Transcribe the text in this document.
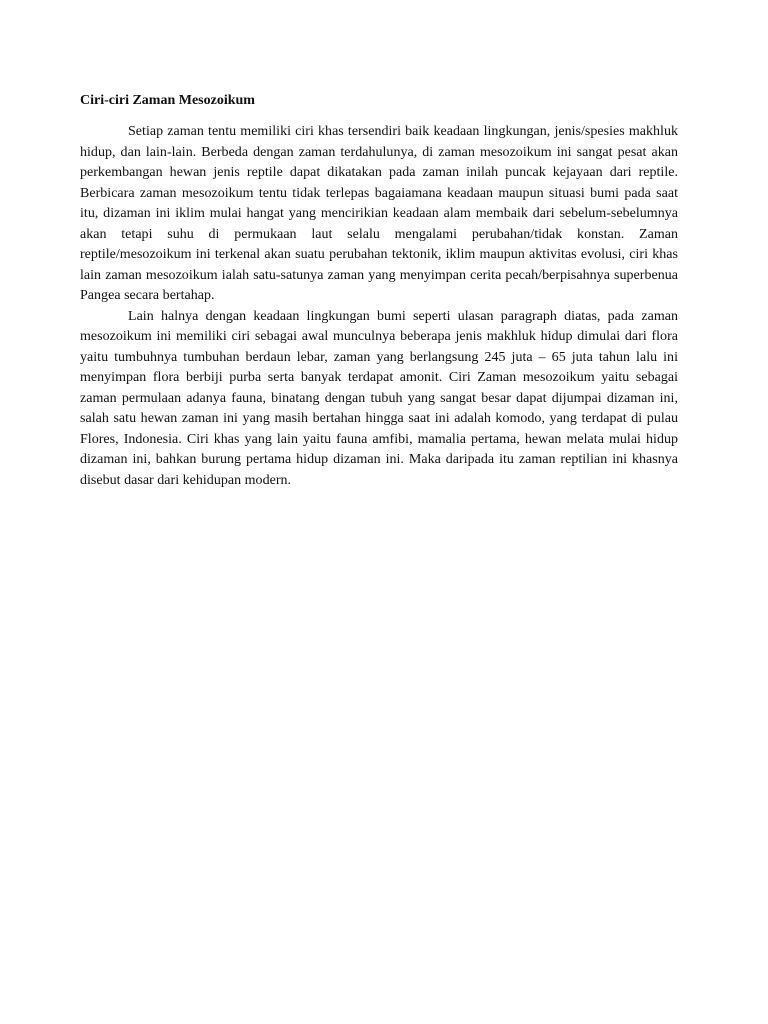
Ciri-ciri Zaman Mesozoikum

Setiap zaman tentu memiliki ciri khas tersendiri baik keadaan lingkungan, jenis/spesies makhluk hidup, dan lain-lain. Berbeda dengan zaman terdahulunya, di zaman mesozoikum ini sangat pesat akan perkembangan hewan jenis reptile dapat dikatakan pada zaman inilah puncak kejayaan dari reptile. Berbicara zaman mesozoikum tentu tidak terlepas bagaiamana keadaan maupun situasi bumi pada saat itu, dizaman ini iklim mulai hangat yang mencirikian keadaan alam membaik dari sebelum-sebelumnya akan tetapi suhu di permukaan laut selalu mengalami perubahan/tidak konstan. Zaman reptile/mesozoikum ini terkenal akan suatu perubahan tektonik, iklim maupun aktivitas evolusi, ciri khas lain zaman mesozoikum ialah satu-satunya zaman yang menyimpan cerita pecah/berpisahnya superbenua Pangea secara bertahap.

Lain halnya dengan keadaan lingkungan bumi seperti ulasan paragraph diatas, pada zaman mesozoikum ini memiliki ciri sebagai awal munculnya beberapa jenis makhluk hidup dimulai dari flora yaitu tumbuhnya tumbuhan berdaun lebar, zaman yang berlangsung 245 juta – 65 juta tahun lalu ini menyimpan flora berbiji purba serta banyak terdapat amonit. Ciri Zaman mesozoikum yaitu sebagai zaman permulaan adanya fauna, binatang dengan tubuh yang sangat besar dapat dijumpai dizaman ini, salah satu hewan zaman ini yang masih bertahan hingga saat ini adalah komodo, yang terdapat di pulau Flores, Indonesia. Ciri khas yang lain yaitu fauna amfibi, mamalia pertama, hewan melata mulai hidup dizaman ini, bahkan burung pertama hidup dizaman ini. Maka daripada itu zaman reptilian ini khasnya disebut dasar dari kehidupan modern.
